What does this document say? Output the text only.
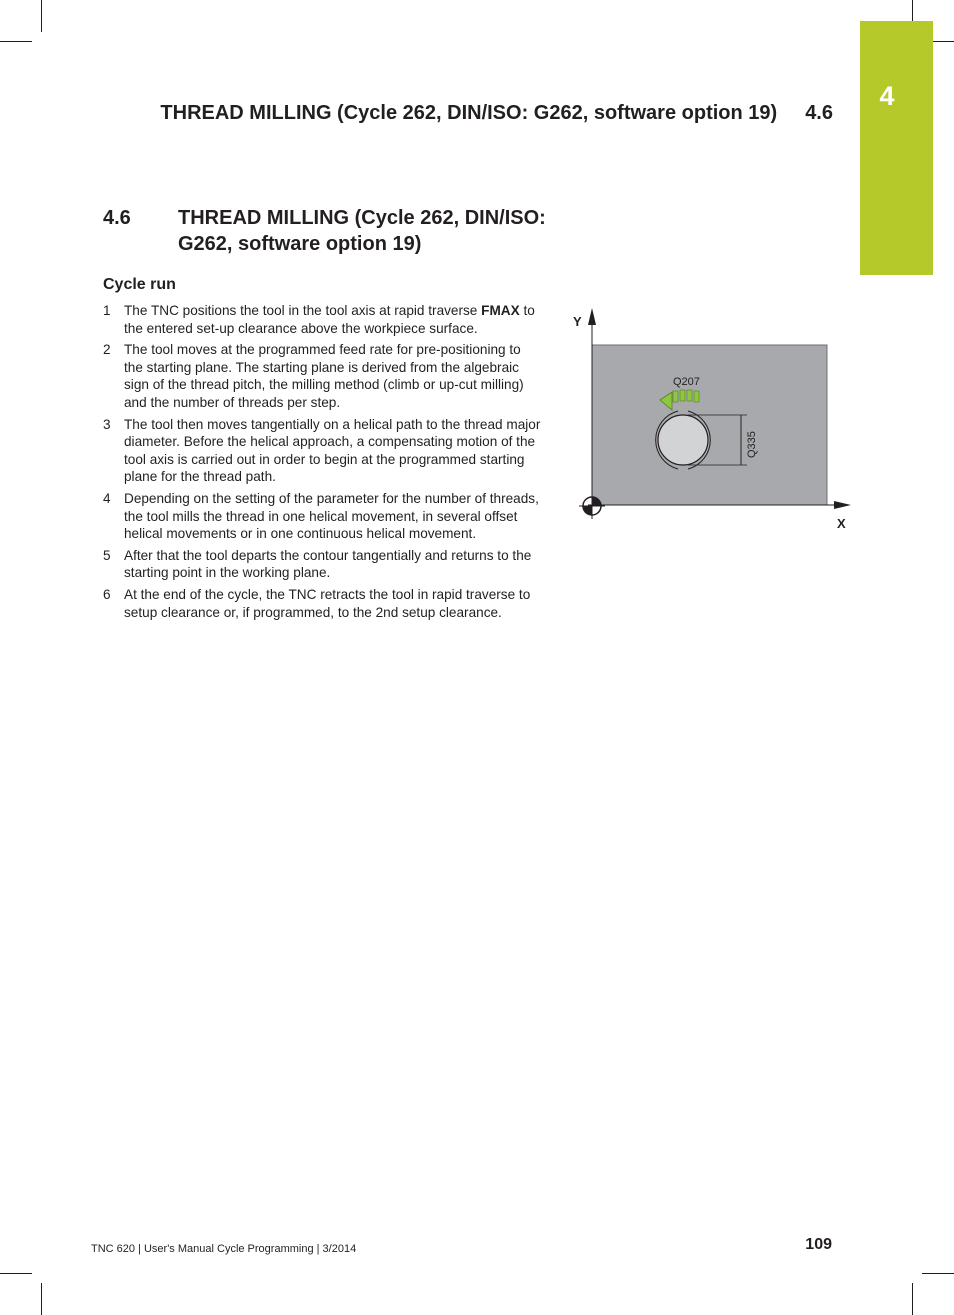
4
THREAD MILLING (Cycle 262, DIN/ISO: G262, software option 19) 4.6
4.6 THREAD MILLING (Cycle 262, DIN/ISO:
G262, software option 19)
Cycle run
1 The TNC positions the tool in the tool axis at rapid traverse FMAX to the entered set-up clearance above the workpiece surface.
2 The tool moves at the programmed feed rate for pre-positioning to the starting plane. The starting plane is derived from the algebraic sign of the thread pitch, the milling method (climb or up-cut milling) and the number of threads per step.
3 The tool then moves tangentially on a helical path to the thread major diameter. Before the helical approach, a compensating motion of the tool axis is carried out in order to begin at the programmed starting plane for the thread path.
4 Depending on the setting of the parameter for the number of threads, the tool mills the thread in one helical movement, in several offset helical movements or in one continuous helical movement.
5 After that the tool departs the contour tangentially and returns to the starting point in the working plane.
6 At the end of the cycle, the TNC retracts the tool in rapid traverse to setup clearance or, if programmed, to the 2nd setup clearance.
Y
X
Q207
Q335
TNC 620 | User's Manual Cycle Programming | 3/2014	109
